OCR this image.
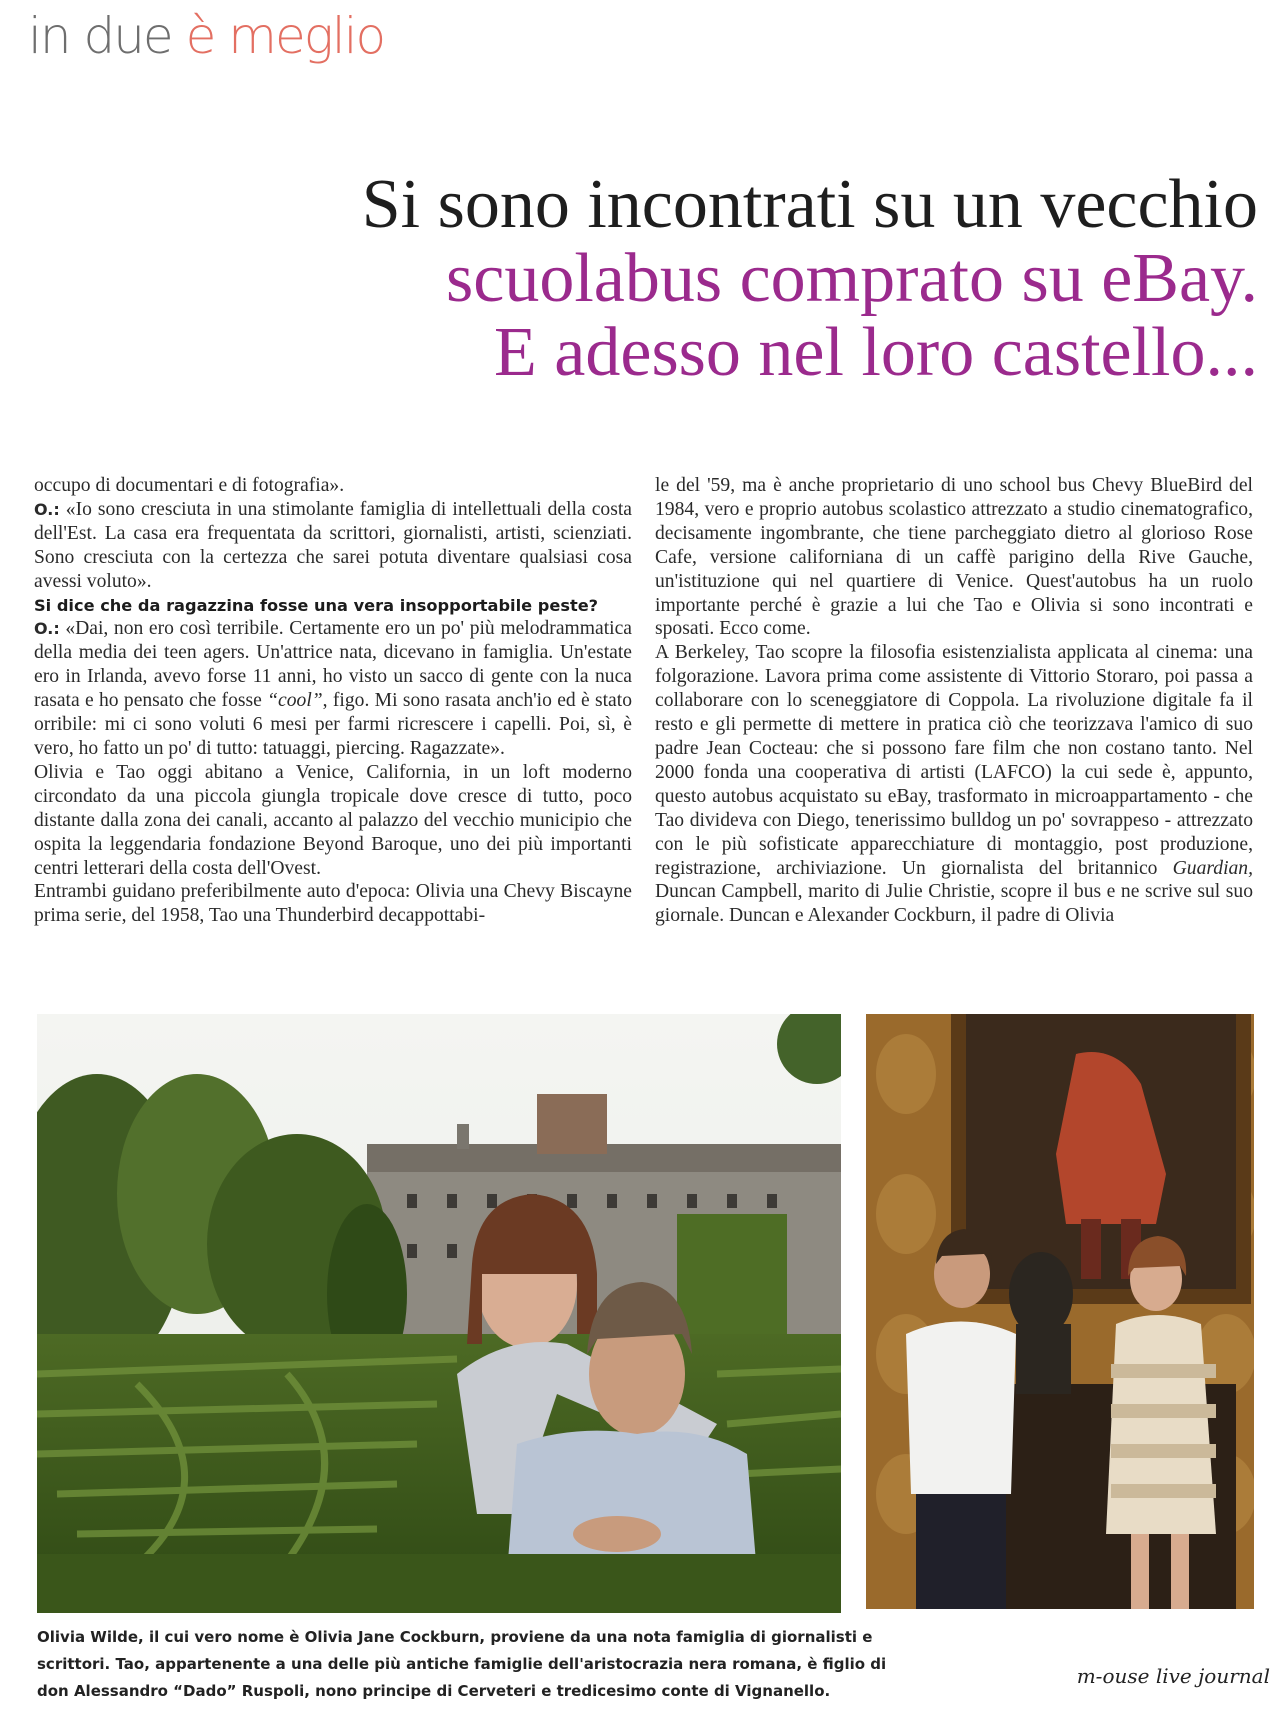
in due è meglio
Si sono incontrati su un vecchio
scuolabus comprato su eBay.
E adesso nel loro castello...

occupo di documentari e di fotografia».

O.: «Io sono cresciuta in una stimolante famiglia di intellettuali della costa dell'Est. La casa era frequentata da scrittori, giornalisti, artisti, scienziati. Sono cresciuta con la certezza che sarei potuta diventare qualsiasi cosa avessi voluto».

Si dice che da ragazzina fosse una vera insopportabile peste?

O.: «Dai, non ero così terribile. Certamente ero un po' più melodrammatica della media dei teen agers. Un'attrice nata, dicevano in famiglia. Un'estate ero in Irlanda, avevo forse 11 anni, ho visto un sacco di gente con la nuca rasata e ho pensato che fosse “cool”, figo. Mi sono rasata anch'io ed è stato orribile: mi ci sono voluti 6 mesi per farmi ricrescere i capelli. Poi, sì, è vero, ho fatto un po' di tutto: tatuaggi, piercing. Ragazzate».

Olivia e Tao oggi abitano a Venice, California, in un loft moderno circondato da una piccola giungla tropicale dove cresce di tutto, poco distante dalla zona dei canali, accanto al palazzo del vecchio municipio che ospita la leggendaria fondazione Beyond Baroque, uno dei più importanti centri letterari della costa dell'Ovest.

Entrambi guidano preferibilmente auto d'epoca: Olivia una Chevy Biscayne prima serie, del 1958, Tao una Thunderbird decappottabi-

le del '59, ma è anche proprietario di uno school bus Chevy BlueBird del 1984, vero e proprio autobus scolastico attrezzato a studio cinematografico, decisamente ingombrante, che tiene parcheggiato dietro al glorioso Rose Cafe, versione californiana di un caffè parigino della Rive Gauche, un'istituzione qui nel quartiere di Venice. Quest'autobus ha un ruolo importante perché è grazie a lui che Tao e Olivia si sono incontrati e sposati. Ecco come.

A Berkeley, Tao scopre la filosofia esistenzialista applicata al cinema: una folgorazione. Lavora prima come assistente di Vittorio Storaro, poi passa a collaborare con lo sceneggiatore di Coppola. La rivoluzione digitale fa il resto e gli permette di mettere in pratica ciò che teorizzava l'amico di suo padre Jean Cocteau: che si possono fare film che non costano tanto. Nel 2000 fonda una cooperativa di artisti (LAFCO) la cui sede è, appunto, questo autobus acquistato su eBay, trasformato in microappartamento - che Tao divideva con Diego, tenerissimo bulldog un po' sovrappeso - attrezzato con le più sofisticate apparecchiature di montaggio, post produzione, registrazione, archiviazione. Un giornalista del britannico Guardian, Duncan Campbell, marito di Julie Christie, scopre il bus e ne scrive sul suo giornale. Duncan e Alexander Cockburn, il padre di Olivia

Olivia Wilde, il cui vero nome è Olivia Jane Cockburn, proviene da una nota famiglia di giornalisti e scrittori. Tao, appartenente a una delle più antiche famiglie dell'aristocrazia nera romana, è figlio di don Alessandro “Dado” Ruspoli, nono principe di Cerveteri e tredicesimo conte di Vignanello.
m-ouse live journal
